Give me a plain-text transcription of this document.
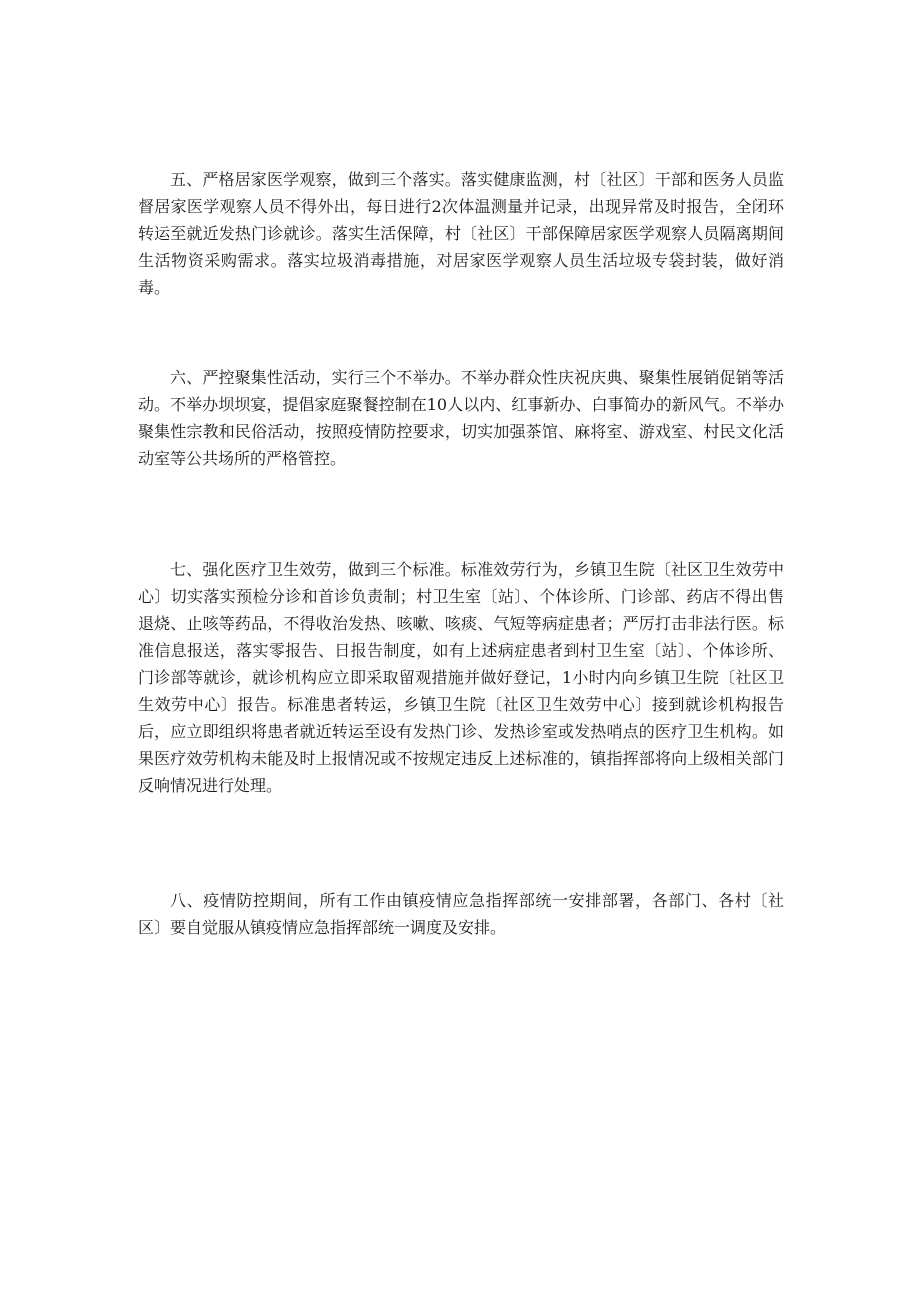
五、严格居家医学观察，做到三个落实。落实健康监测，村〔社区〕干部和医务人员监督居家医学观察人员不得外出，每日进行2次体温测量并记录，出现异常及时报告，全闭环转运至就近发热门诊就诊。落实生活保障，村〔社区〕干部保障居家医学观察人员隔离期间生活物资采购需求。落实垃圾消毒措施，对居家医学观察人员生活垃圾专袋封装，做好消毒。

六、严控聚集性活动，实行三个不举办。不举办群众性庆祝庆典、聚集性展销促销等活动。不举办坝坝宴，提倡家庭聚餐控制在10人以内、红事新办、白事简办的新风气。不举办聚集性宗教和民俗活动，按照疫情防控要求，切实加强茶馆、麻将室、游戏室、村民文化活动室等公共场所的严格管控。

七、强化医疗卫生效劳，做到三个标准。标准效劳行为，乡镇卫生院〔社区卫生效劳中心〕切实落实预检分诊和首诊负责制；村卫生室〔站〕、个体诊所、门诊部、药店不得出售退烧、止咳等药品，不得收治发热、咳嗽、咳痰、气短等病症患者；严厉打击非法行医。标准信息报送，落实零报告、日报告制度，如有上述病症患者到村卫生室〔站〕、个体诊所、门诊部等就诊，就诊机构应立即采取留观措施并做好登记，1小时内向乡镇卫生院〔社区卫生效劳中心〕报告。标准患者转运，乡镇卫生院〔社区卫生效劳中心〕接到就诊机构报告后，应立即组织将患者就近转运至设有发热门诊、发热诊室或发热哨点的医疗卫生机构。如果医疗效劳机构未能及时上报情况或不按规定违反上述标准的，镇指挥部将向上级相关部门反响情况进行处理。

八、疫情防控期间，所有工作由镇疫情应急指挥部统一安排部署，各部门、各村〔社区〕要自觉服从镇疫情应急指挥部统一调度及安排。
